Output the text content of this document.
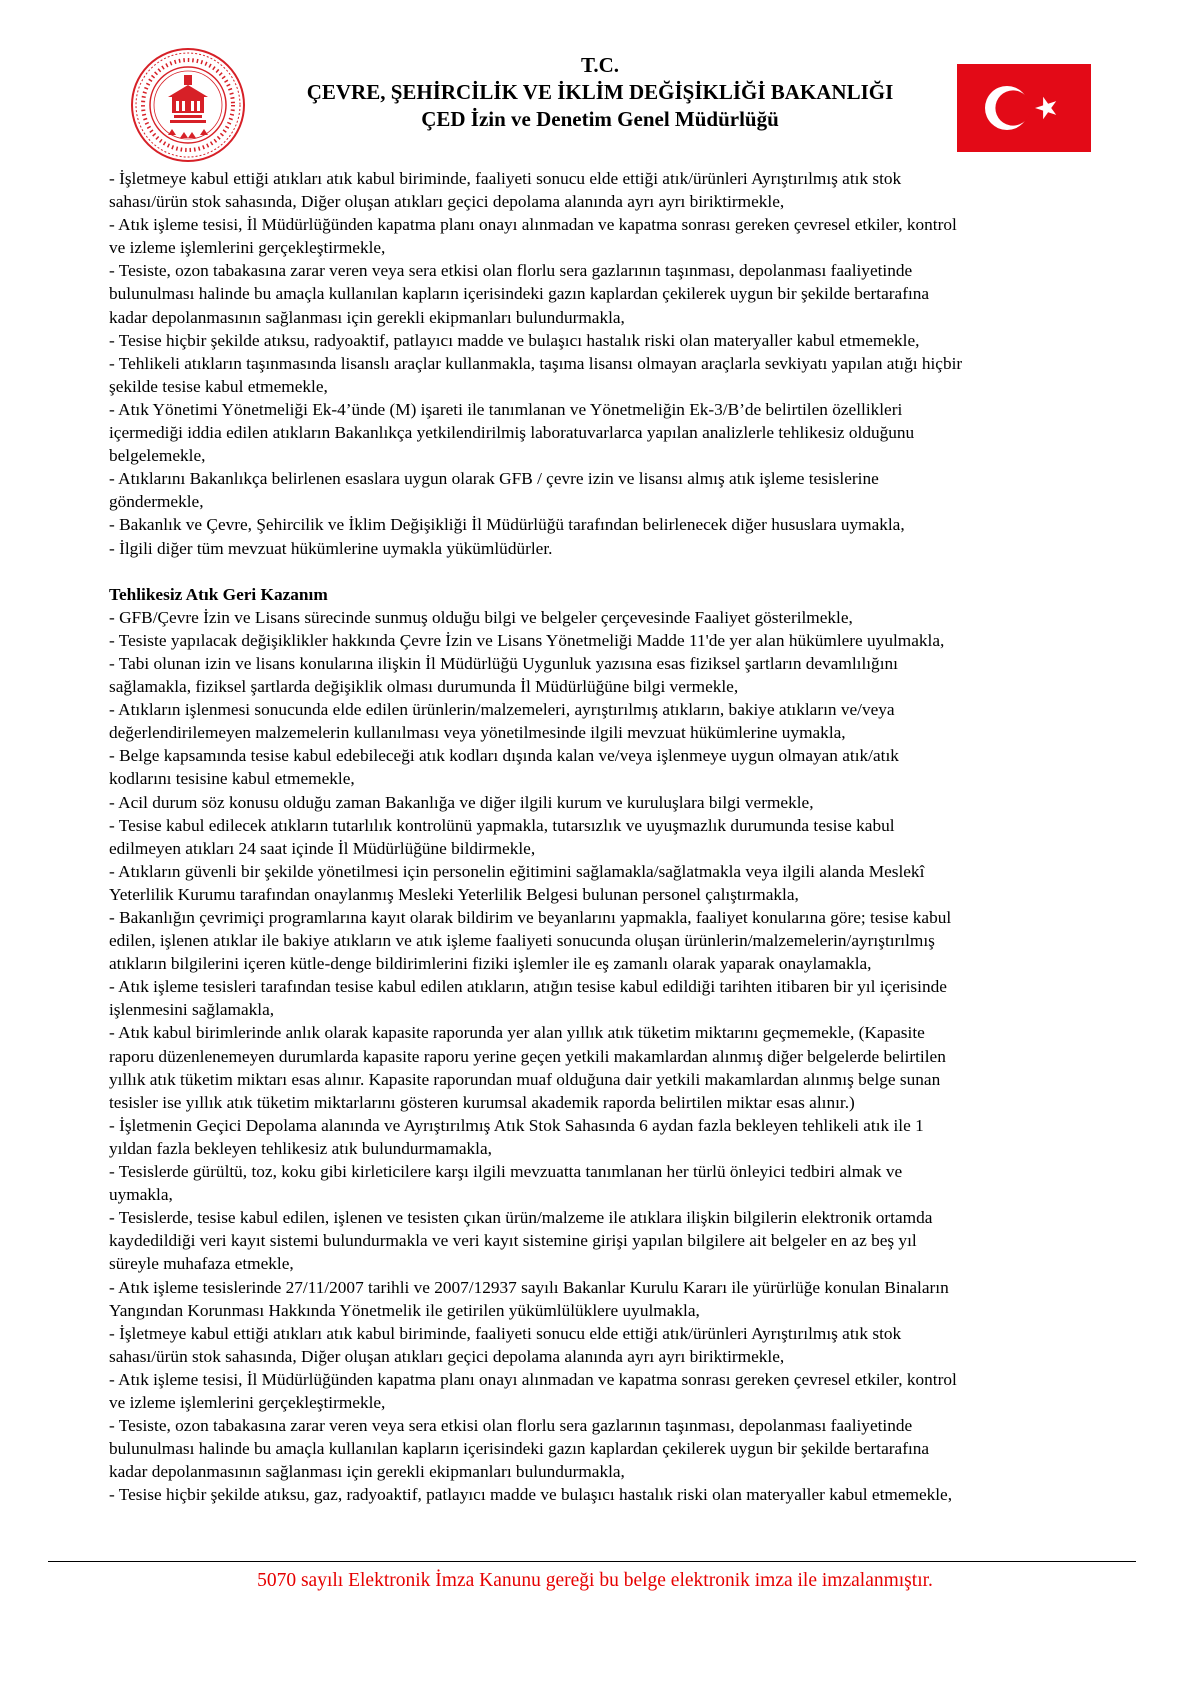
T.C.
ÇEVRE, ŞEHİRCİLİK VE İKLİM DEĞİŞİKLİĞİ BAKANLIĞI
ÇED İzin ve Denetim Genel Müdürlüğü

- İşletmeye kabul ettiği atıkları atık kabul biriminde, faaliyeti sonucu elde ettiği atık/ürünleri Ayrıştırılmış atık stok

sahası/ürün stok sahasında, Diğer oluşan atıkları geçici depolama alanında ayrı ayrı biriktirmekle,

- Atık işleme tesisi, İl Müdürlüğünden kapatma planı onayı alınmadan ve kapatma sonrası gereken çevresel etkiler, kontrol

ve izleme işlemlerini gerçekleştirmekle,

- Tesiste, ozon tabakasına zarar veren veya sera etkisi olan florlu sera gazlarının taşınması, depolanması faaliyetinde

bulunulması halinde bu amaçla kullanılan kapların içerisindeki gazın kaplardan çekilerek uygun bir şekilde bertarafına

kadar depolanmasının sağlanması için gerekli ekipmanları bulundurmakla,

- Tesise hiçbir şekilde atıksu, radyoaktif, patlayıcı madde ve bulaşıcı hastalık riski olan materyaller kabul etmemekle,

- Tehlikeli atıkların taşınmasında lisanslı araçlar kullanmakla, taşıma lisansı olmayan araçlarla sevkiyatı yapılan atığı hiçbir

şekilde tesise kabul etmemekle,

- Atık Yönetimi Yönetmeliği Ek-4’ünde (M) işareti ile tanımlanan ve Yönetmeliğin Ek-3/B’de belirtilen özellikleri

içermediği iddia edilen atıkların Bakanlıkça yetkilendirilmiş laboratuvarlarca yapılan analizlerle tehlikesiz olduğunu

belgelemekle,

- Atıklarını Bakanlıkça belirlenen esaslara uygun olarak GFB / çevre izin ve lisansı almış atık işleme tesislerine

göndermekle,

- Bakanlık ve Çevre, Şehircilik ve İklim Değişikliği İl Müdürlüğü tarafından belirlenecek diğer hususlara uymakla,

- İlgili diğer tüm mevzuat hükümlerine uymakla yükümlüdürler.

Tehlikesiz Atık Geri Kazanım

- GFB/Çevre İzin ve Lisans sürecinde sunmuş olduğu bilgi ve belgeler çerçevesinde Faaliyet gösterilmekle,

- Tesiste yapılacak değişiklikler hakkında Çevre İzin ve Lisans Yönetmeliği Madde 11'de yer alan hükümlere uyulmakla,

- Tabi olunan izin ve lisans konularına ilişkin İl Müdürlüğü Uygunluk yazısına esas fiziksel şartların devamlılığını

sağlamakla, fiziksel şartlarda değişiklik olması durumunda İl Müdürlüğüne bilgi vermekle,

- Atıkların işlenmesi sonucunda elde edilen ürünlerin/malzemeleri, ayrıştırılmış atıkların, bakiye atıkların ve/veya

değerlendirilemeyen malzemelerin kullanılması veya yönetilmesinde ilgili mevzuat hükümlerine uymakla,

- Belge kapsamında tesise kabul edebileceği atık kodları dışında kalan ve/veya işlenmeye uygun olmayan atık/atık

kodlarını tesisine kabul etmemekle,

- Acil durum söz konusu olduğu zaman Bakanlığa ve diğer ilgili kurum ve kuruluşlara bilgi vermekle,

- Tesise kabul edilecek atıkların tutarlılık kontrolünü yapmakla, tutarsızlık ve uyuşmazlık durumunda tesise kabul

edilmeyen atıkları 24 saat içinde İl Müdürlüğüne bildirmekle,

- Atıkların güvenli bir şekilde yönetilmesi için personelin eğitimini sağlamakla/sağlatmakla veya ilgili alanda Meslekî

Yeterlilik Kurumu tarafından onaylanmış Mesleki Yeterlilik Belgesi bulunan personel çalıştırmakla,

- Bakanlığın çevrimiçi programlarına kayıt olarak bildirim ve beyanlarını yapmakla, faaliyet konularına göre; tesise kabul

edilen, işlenen atıklar ile bakiye atıkların ve atık işleme faaliyeti sonucunda oluşan ürünlerin/malzemelerin/ayrıştırılmış

atıkların bilgilerini içeren kütle-denge bildirimlerini fiziki işlemler ile eş zamanlı olarak yaparak onaylamakla,

- Atık işleme tesisleri tarafından tesise kabul edilen atıkların, atığın tesise kabul edildiği tarihten itibaren bir yıl içerisinde

işlenmesini sağlamakla,

- Atık kabul birimlerinde anlık olarak kapasite raporunda yer alan yıllık atık tüketim miktarını geçmemekle, (Kapasite

raporu düzenlenemeyen durumlarda kapasite raporu yerine geçen yetkili makamlardan alınmış diğer belgelerde belirtilen

yıllık atık tüketim miktarı esas alınır. Kapasite raporundan muaf olduğuna dair yetkili makamlardan alınmış belge sunan

tesisler ise yıllık atık tüketim miktarlarını gösteren kurumsal akademik raporda belirtilen miktar esas alınır.)

- İşletmenin Geçici Depolama alanında ve Ayrıştırılmış Atık Stok Sahasında 6 aydan fazla bekleyen tehlikeli atık ile 1

yıldan fazla bekleyen tehlikesiz atık bulundurmamakla,

- Tesislerde gürültü, toz, koku gibi kirleticilere karşı ilgili mevzuatta tanımlanan her türlü önleyici tedbiri almak ve

uymakla,

- Tesislerde, tesise kabul edilen, işlenen ve tesisten çıkan ürün/malzeme ile atıklara ilişkin bilgilerin elektronik ortamda

kaydedildiği veri kayıt sistemi bulundurmakla ve veri kayıt sistemine girişi yapılan bilgilere ait belgeler en az beş yıl

süreyle muhafaza etmekle,

- Atık işleme tesislerinde 27/11/2007 tarihli ve 2007/12937 sayılı Bakanlar Kurulu Kararı ile yürürlüğe konulan Binaların

Yangından Korunması Hakkında Yönetmelik ile getirilen yükümlülüklere uyulmakla,

- İşletmeye kabul ettiği atıkları atık kabul biriminde, faaliyeti sonucu elde ettiği atık/ürünleri Ayrıştırılmış atık stok

sahası/ürün stok sahasında, Diğer oluşan atıkları geçici depolama alanında ayrı ayrı biriktirmekle,

- Atık işleme tesisi, İl Müdürlüğünden kapatma planı onayı alınmadan ve kapatma sonrası gereken çevresel etkiler, kontrol

ve izleme işlemlerini gerçekleştirmekle,

- Tesiste, ozon tabakasına zarar veren veya sera etkisi olan florlu sera gazlarının taşınması, depolanması faaliyetinde

bulunulması halinde bu amaçla kullanılan kapların içerisindeki gazın kaplardan çekilerek uygun bir şekilde bertarafına

kadar depolanmasının sağlanması için gerekli ekipmanları bulundurmakla,

- Tesise hiçbir şekilde atıksu, gaz, radyoaktif, patlayıcı madde ve bulaşıcı hastalık riski olan materyaller kabul etmemekle,

5070 sayılı Elektronik İmza Kanunu gereği bu belge elektronik imza ile imzalanmıştır.
